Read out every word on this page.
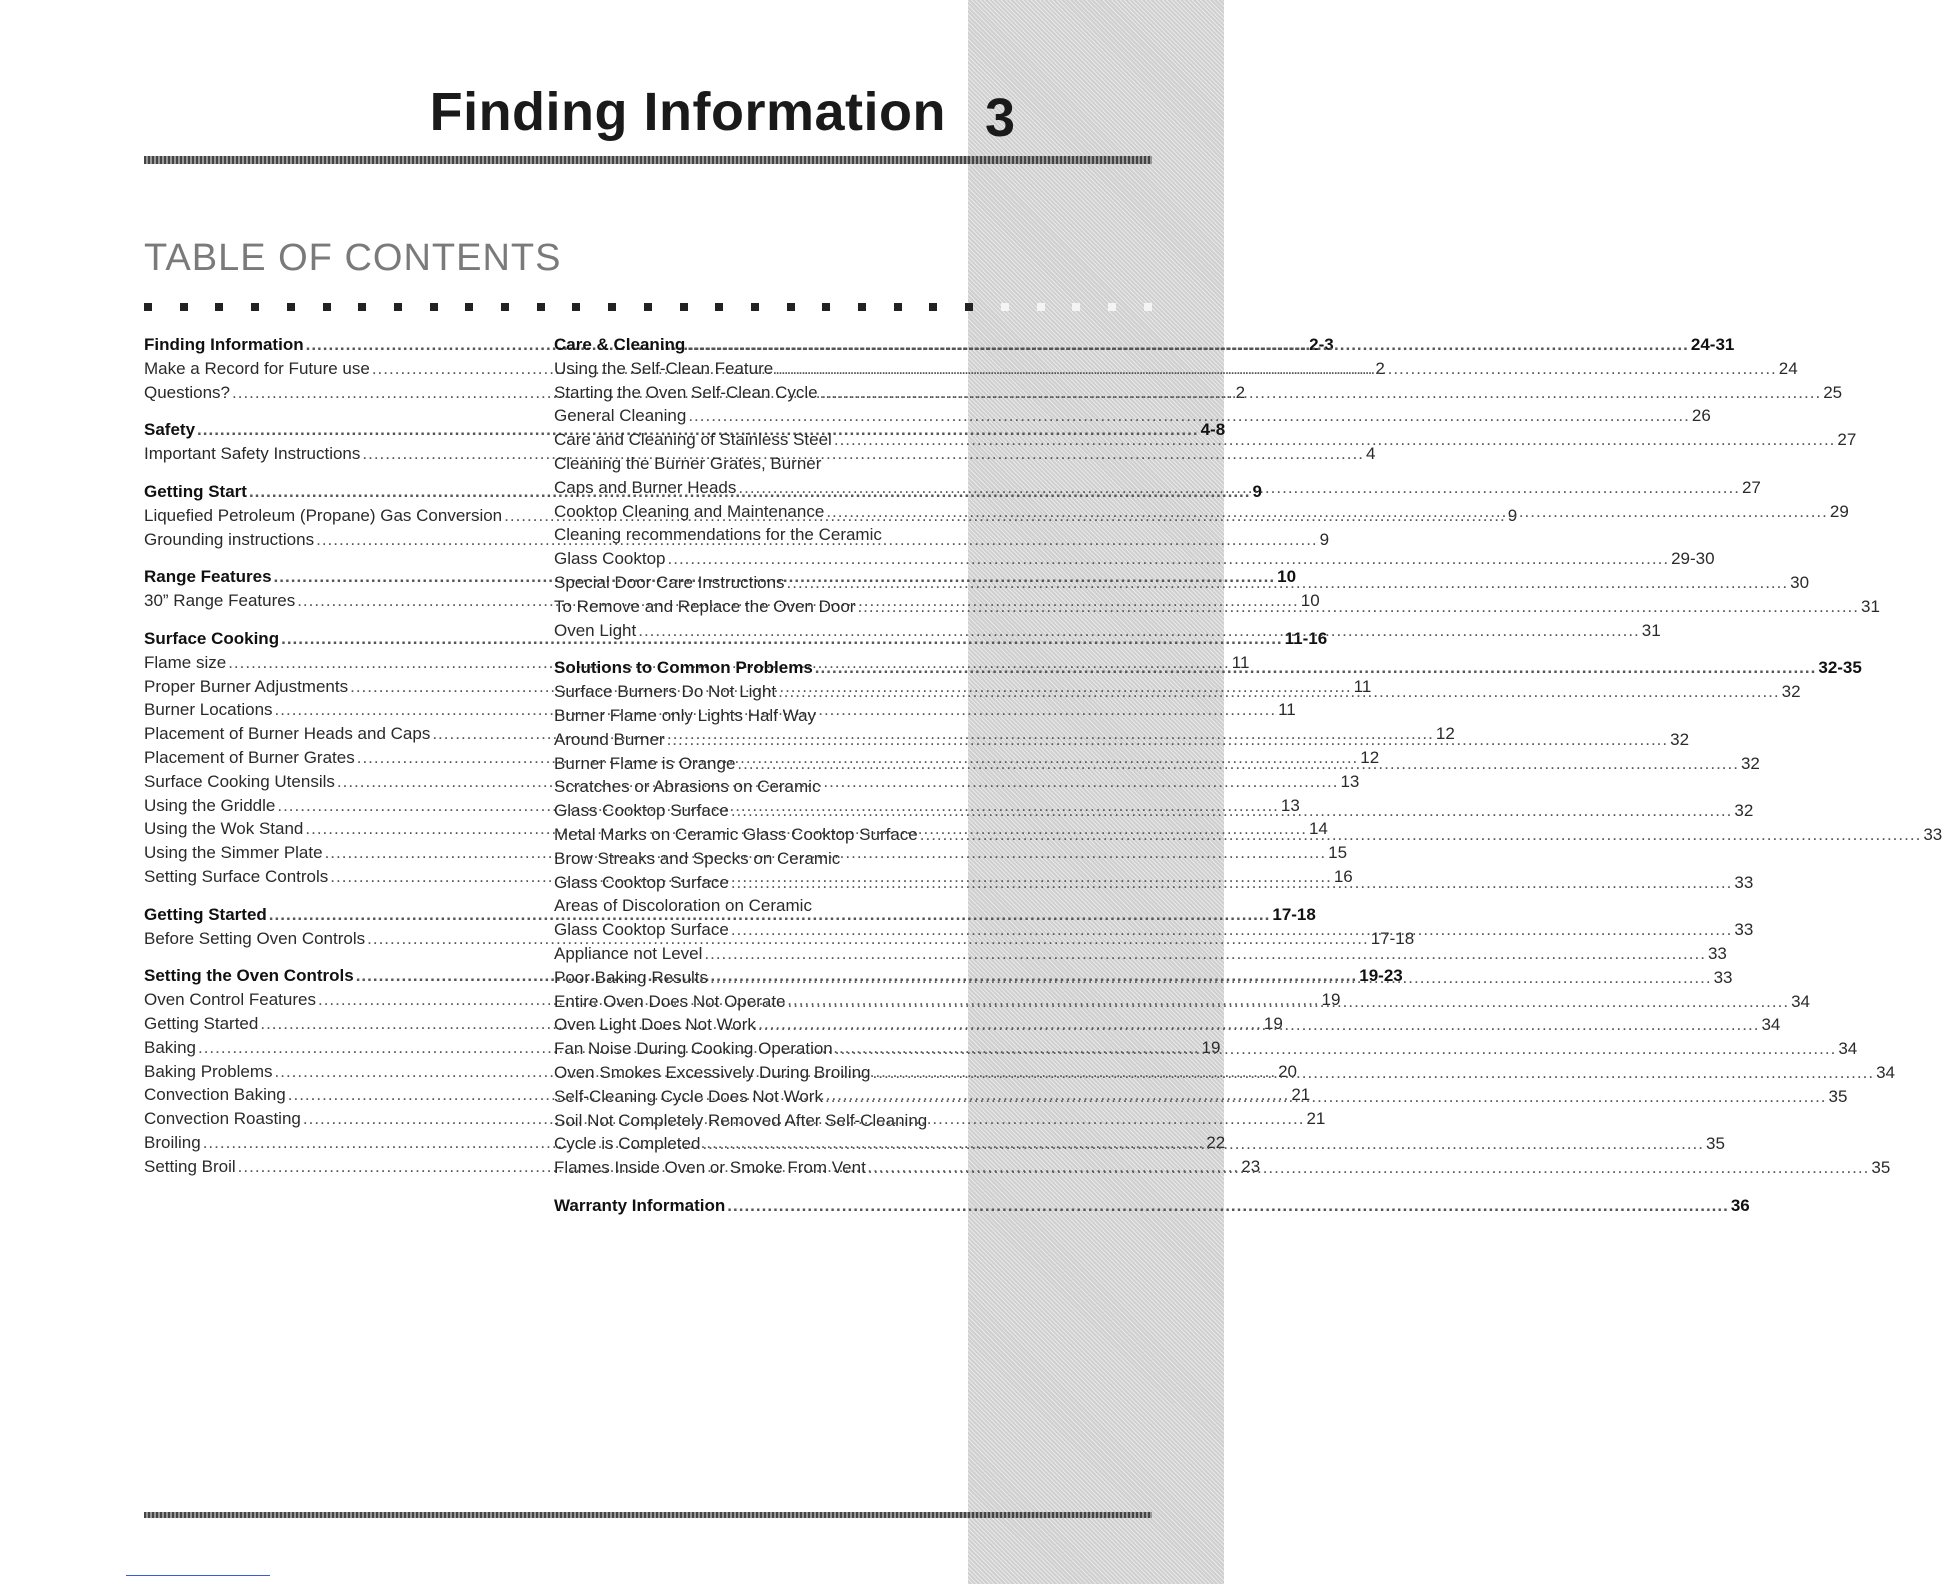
Finding Information 3
TABLE OF CONTENTS
Finding Information .....	2-3
Make a Record for Future use .....	2
Questions? .....	2
Safety .....	4-8
Important Safety Instructions .....	4
Getting Start .....	9
Liquefied Petroleum (Propane) Gas Conversion .....	9
Grounding instructions .....	9
Range Features .....	10
30” Range Features .....	10
Surface Cooking .....	11-16
Flame size .....	11
Proper Burner Adjustments .....	11
Burner Locations .....	11
Placement of Burner Heads and Caps .....	12
Placement of Burner Grates .....	12
Surface Cooking Utensils .....	13
Using the Griddle .....	13
Using the Wok Stand .....	14
Using the Simmer Plate .....	15
Setting Surface Controls .....	16
Getting Started .....	17-18
Before Setting Oven Controls .....	17-18
Setting the Oven Controls .....	19-23
Oven Control Features .....	19
Getting Started .....	19
Baking .....	19
Baking Problems .....	20
Convection Baking .....	21
Convection Roasting .....	21
Broiling .....	22
Setting Broil .....	23
Care & Cleaning .....	24-31
Using the Self-Clean Feature .....	24
Starting the Oven Self-Clean Cycle .....	25
General Cleaning .....	26
Care and Cleaning of Stainless Steel .....	27
Cleaning the Burner Grates, Burner
Caps and Burner Heads .....	27
Cooktop Cleaning and Maintenance .....	29
Cleaning recommendations for the Ceramic
Glass Cooktop .....	29-30
Special Door Care Instructions .....	30
To Remove and Replace the Oven Door .....	31
Oven Light .....	31
Solutions to Common Problems .....	32-35
Surface Burners Do Not Light .....	32
Burner Flame only Lights Half Way
Around Burner .....	32
Burner Flame is Orange .....	32
Scratches or Abrasions on Ceramic
Glass Cooktop Surface .....	32
Metal Marks on Ceramic Glass Cooktop Surface .....	33
Brow Streaks and Specks on Ceramic
Glass Cooktop Surface .....	33
Areas of Discoloration on Ceramic
Glass Cooktop Surface .....	33
Appliance not Level .....	33
Poor Baking Results .....	33
Entire Oven Does Not Operate .....	34
Oven Light Does Not Work .....	34
Fan Noise During Cooking Operation .....	34
Oven Smokes Excessively During Broiling .....	34
Self-Cleaning Cycle Does Not Work .....	35
Soil Not Completely Removed After Self-Cleaning
Cycle is Completed .....	35
Flames Inside Oven or Smoke From Vent .....	35
Warranty Information .....	36
